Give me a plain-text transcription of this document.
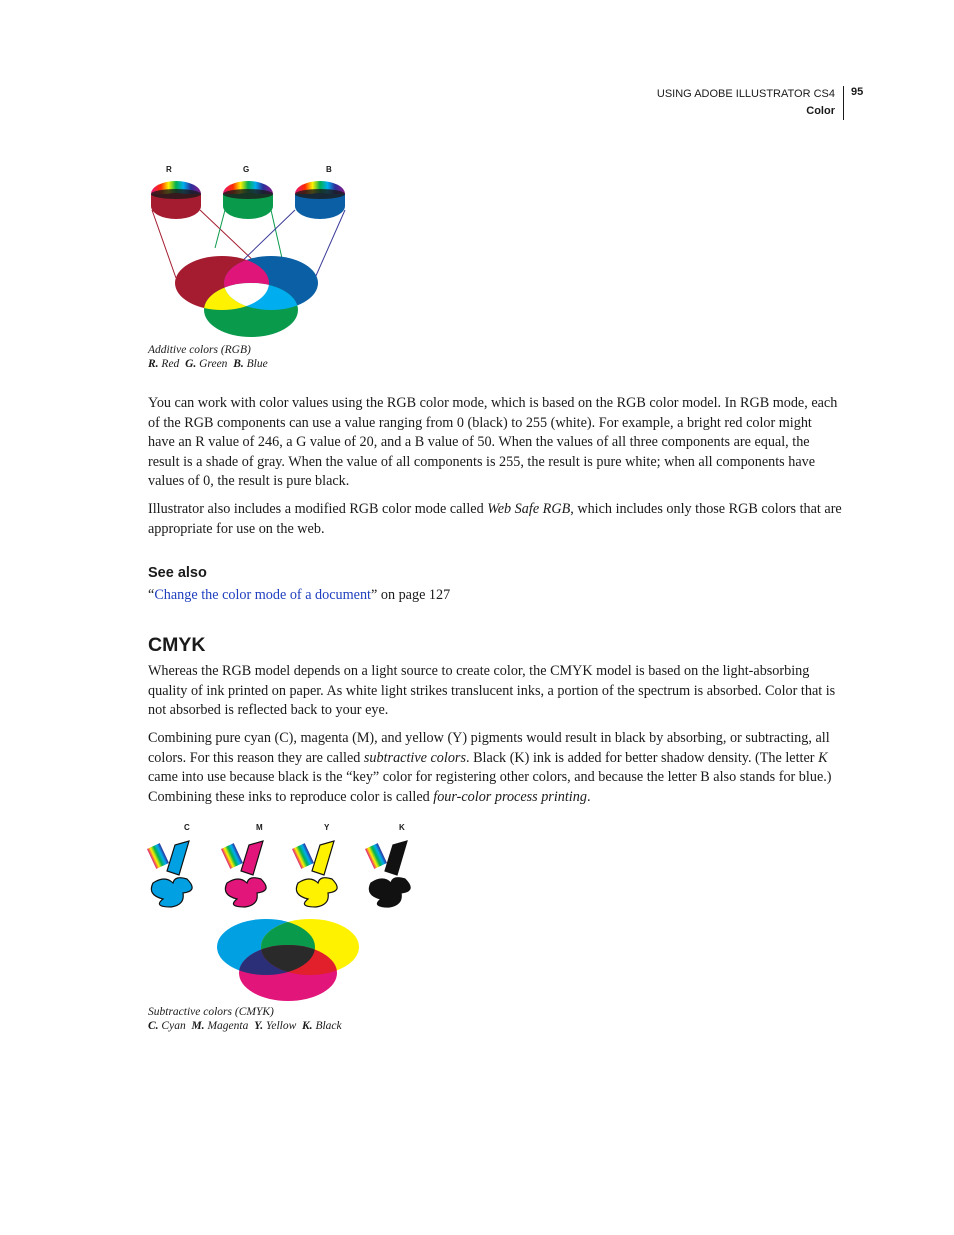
USING ADOBE ILLUSTRATOR CS4
Color
95
R	G	B
Additive colors (RGB)
R. Red G. Green B. Blue

You can work with color values using the RGB color mode, which is based on the RGB color model. In RGB mode, each of the RGB components can use a value ranging from 0 (black) to 255 (white). For example, a bright red color might have an R value of 246, a G value of 20, and a B value of 50. When the values of all three components are equal, the result is a shade of gray. When the value of all components is 255, the result is pure white; when all components have values of 0, the result is pure black.

Illustrator also includes a modified RGB color mode called Web Safe RGB, which includes only those RGB colors that are appropriate for use on the web.

See also

“Change the color mode of a document” on page 127

CMYK

Whereas the RGB model depends on a light source to create color, the CMYK model is based on the light-absorbing quality of ink printed on paper. As white light strikes translucent inks, a portion of the spectrum is absorbed. Color that is not absorbed is reflected back to your eye.

Combining pure cyan (C), magenta (M), and yellow (Y) pigments would result in black by absorbing, or subtracting, all colors. For this reason they are called subtractive colors. Black (K) ink is added for better shadow density. (The letter K came into use because black is the “key” color for registering other colors, and because the letter B also stands for blue.) Combining these inks to reproduce color is called four-color process printing.

C	M	Y	K
Subtractive colors (CMYK)
C. Cyan M. Magenta Y. Yellow K. Black
